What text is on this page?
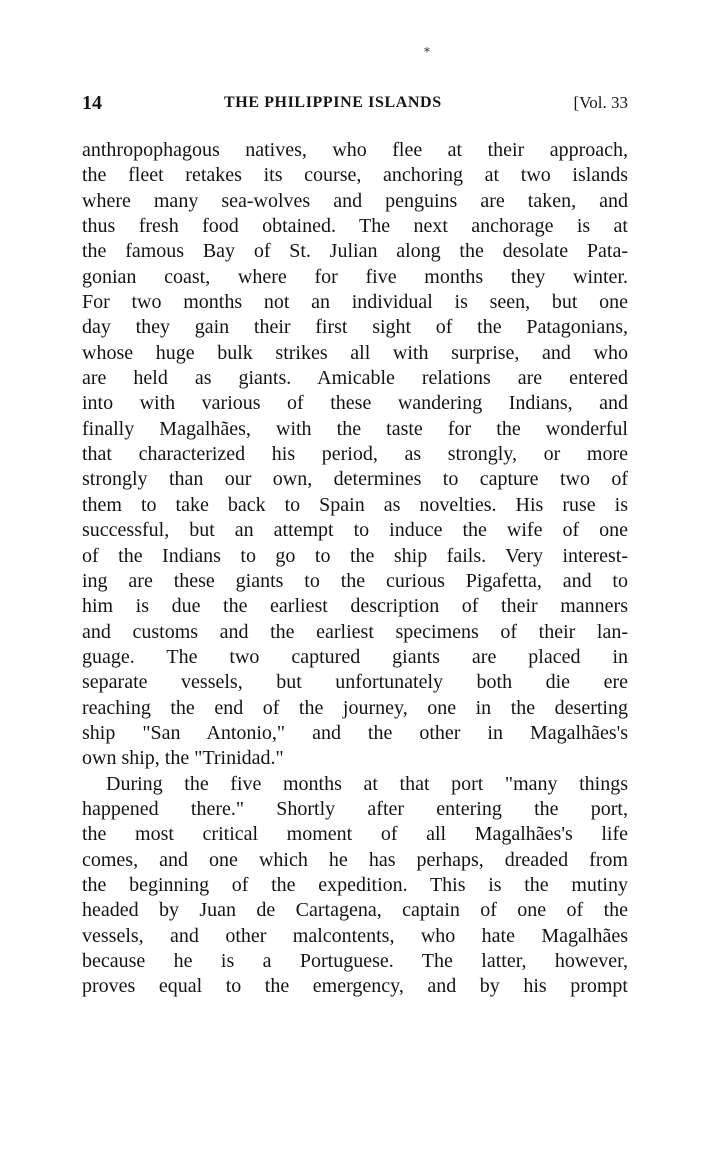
⁎
14	THE PHILIPPINE ISLANDS	[Vol. 33
anthropophagous natives, who flee at their approach,
the fleet retakes its course, anchoring at two islands
where many sea-wolves and penguins are taken, and
thus fresh food obtained. The next anchorage is at
the famous Bay of St. Julian along the desolate Pata-
gonian coast, where for five months they winter.
For two months not an individual is seen, but one
day they gain their first sight of the Patagonians,
whose huge bulk strikes all with surprise, and who
are held as giants. Amicable relations are entered
into with various of these wandering Indians, and
finally Magalhães, with the taste for the wonderful
that characterized his period, as strongly, or more
strongly than our own, determines to capture two of
them to take back to Spain as novelties. His ruse is
successful, but an attempt to induce the wife of one
of the Indians to go to the ship fails. Very interest-
ing are these giants to the curious Pigafetta, and to
him is due the earliest description of their manners
and customs and the earliest specimens of their lan-
guage. The two captured giants are placed in
separate vessels, but unfortunately both die ere
reaching the end of the journey, one in the deserting
ship "San Antonio," and the other in Magalhães's
own ship, the "Trinidad."
During the five months at that port "many things
happened there." Shortly after entering the port,
the most critical moment of all Magalhães's life
comes, and one which he has perhaps, dreaded from
the beginning of the expedition. This is the mutiny
headed by Juan de Cartagena, captain of one of the
vessels, and other malcontents, who hate Magalhães
because he is a Portuguese. The latter, however,
proves equal to the emergency, and by his prompt
